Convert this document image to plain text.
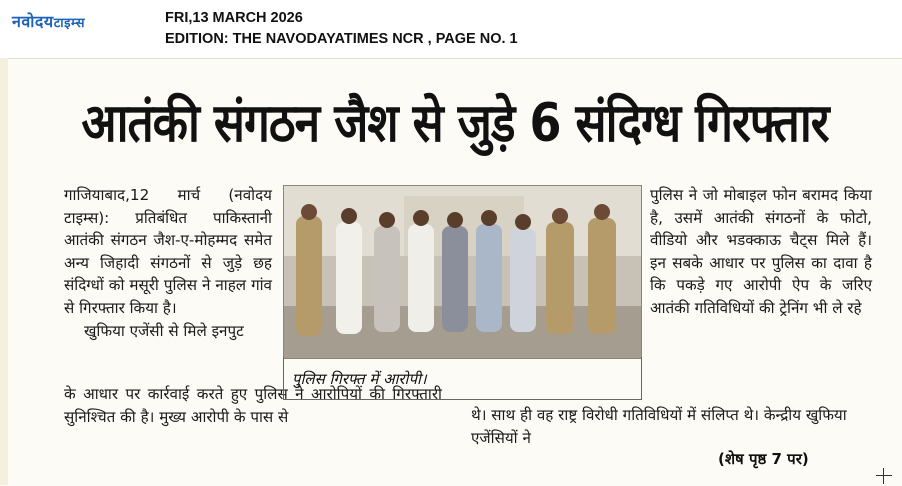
नवोदयटाइम्स	FRI,13 MARCH 2026
EDITION: THE NAVODAYATIMES NCR , PAGE NO. 1
आतंकी संगठन जैश से जुड़े 6 संदिग्ध गिरफ्तार

गाजियाबाद,12 मार्च (नवोदय टाइम्स): प्रतिबंधित पाकिस्तानी आतंकी संगठन जैश-ए-मोहम्मद समेत अन्य जिहादी संगठनों से जुड़े छह संदिग्धों को मसूरी पुलिस ने नाहल गांव से गिरफ्तार किया है।

खुफिया एजेंसी से मिले इनपुट

के आधार पर कार्रवाई करते हुए पुलिस ने आरोपियों की गिरफ्तारी सुनिश्चित की है। मुख्य आरोपी के पास से
पुलिस गिरफ्त में आरोपी।
पुलिस ने जो मोबाइल फोन बरामद किया है, उसमें आतंकी संगठनों के फोटो, वीडियो और भडक्काऊ चैट्स मिले हैं। इन सबके आधार पर पुलिस का दावा है कि पकड़े गए आरोपी ऐप के जरिए आतंकी गतिविधियों की ट्रेनिंग भी ले रहे
थे। साथ ही वह राष्ट्र विरोधी गतिविधियों में संलिप्त थे। केन्द्रीय खुफिया एजेंसियों ने
(शेष पृष्ठ 7 पर)
